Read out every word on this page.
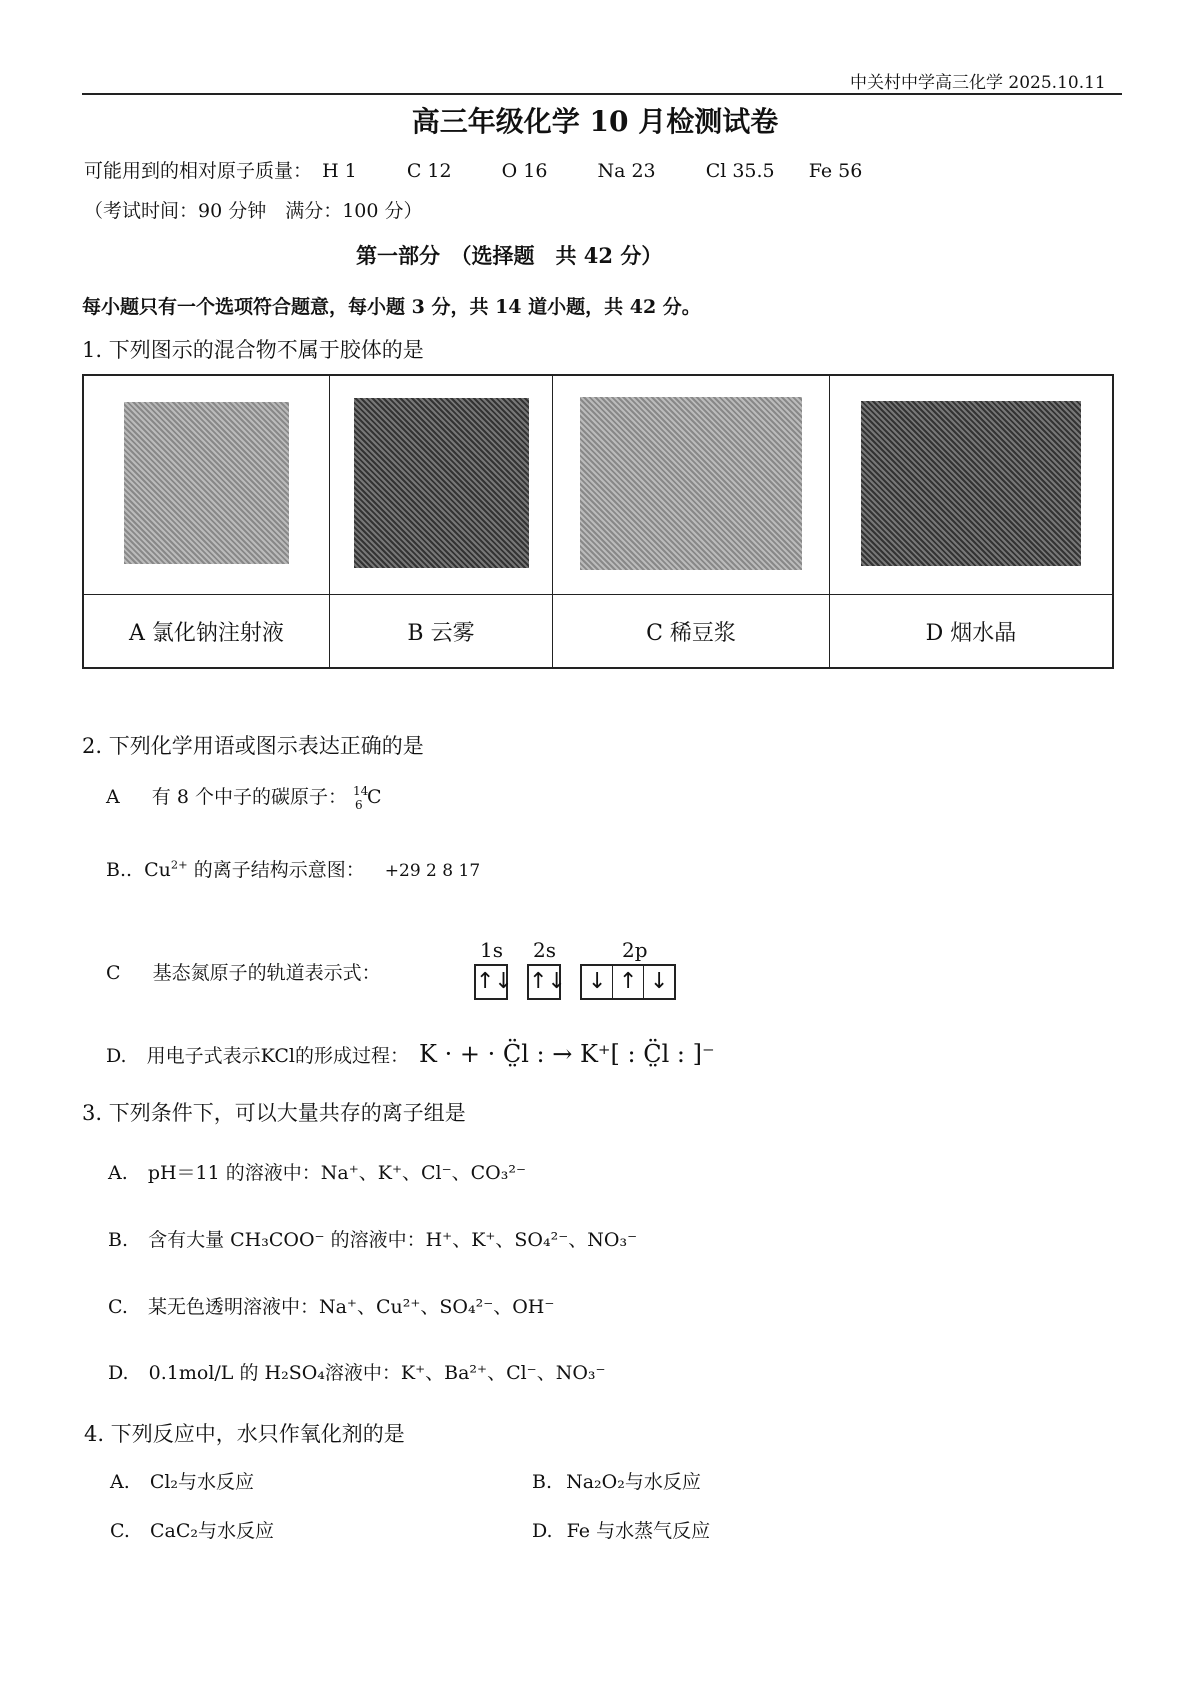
中关村中学高三化学 2025.10.11
高三年级化学 10 月检测试卷
可能用到的相对原子质量： H 1	C 12	O 16	Na 23	Cl 35.5 Fe 56
（考试时间：90 分钟　满分：100 分）
第一部分　（选择题　共 42 分）
每小题只有一个选项符合题意，每小题 3 分，共 14 道小题，共 42 分。
1. 下列图示的混合物不属于胶体的是

A 氯化钠注射液	B 云雾	C 稀豆浆	D 烟水晶
2. 下列化学用语或图示表达正确的是
A 有 8 个中子的碳原子： 14
6 C
B.. $Cu^{2+}$ 的离子结构示意图： +29 2 8 17
C 基态氮原子的轨道表示式：
1s 2s	2p
↑↓ ↑↓ ↓ ↑ ↓
D. 用电子式表示KCl的形成过程： K · + · C̤̈l : → K⁺[ : C̤̈l : ]⁻
3. 下列条件下，可以大量共存的离子组是
A. pH＝11 的溶液中：Na⁺、K⁺、Cl⁻、CO₃²⁻
B. 含有大量 CH₃COO⁻ 的溶液中：H⁺、K⁺、SO₄²⁻、NO₃⁻
C. 某无色透明溶液中：Na⁺、Cu²⁺、SO₄²⁻、OH⁻
D. 0.1mol/L 的 H₂SO₄溶液中：K⁺、Ba²⁺、Cl⁻、NO₃⁻
4. 下列反应中，水只作氧化剂的是
A. Cl₂与水反应	B. Na₂O₂与水反应
C. CaC₂与水反应	D. Fe 与水蒸气反应
